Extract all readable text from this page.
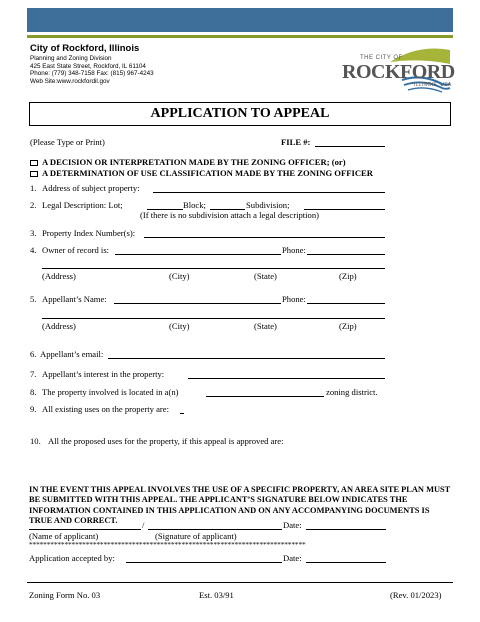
City of Rockford, Illinois
Planning and Zoning Division
425 East State Street, Rockford, IL 61104
Phone: (779) 348-7158 Fax: (815) 967-4243
Web Site:www.rockfordil.gov
THE CITY OF
ROCKFORD
ILLINOIS, USA
APPLICATION TO APPEAL
(Please Type or Print)	FILE #:
A DECISION OR INTERPRETATION MADE BY THE ZONING OFFICER; (or)
A DETERMINATION OF USE CLASSIFICATION MADE BY THE ZONING OFFICER
1. Address of subject property:
2. Legal Description: Lot;	Block;	Subdivision;
(If there is no subdivision attach a legal description)
3. Property Index Number(s):
4. Owner of record is:	Phone:
(Address)	(City)	(State)	(Zip)
5. Appellant’s Name:	Phone:
(Address)	(City)	(State)	(Zip)
6. Appellant’s email:
7. Appellant’s interest in the property:
8. The property involved is located in a(n)	zoning district.
9. All existing uses on the property are:
10. All the proposed uses for the property, if this appeal is approved are:
IN THE EVENT THIS APPEAL INVOLVES THE USE OF A SPECIFIC PROPERTY, AN AREA SITE PLAN MUST BE SUBMITTED WITH THIS APPEAL. THE APPLICANT’S SIGNATURE BELOW INDICATES THE INFORMATION CONTAINED IN THIS APPLICATION AND ON ANY ACCOMPANYING DOCUMENTS IS TRUE AND CORRECT.	/	Date:
(Name of applicant)	(Signature of applicant)
******************************************************************************
Application accepted by:	Date:
Zoning Form No. 03	Est. 03/91	(Rev. 01/2023)
